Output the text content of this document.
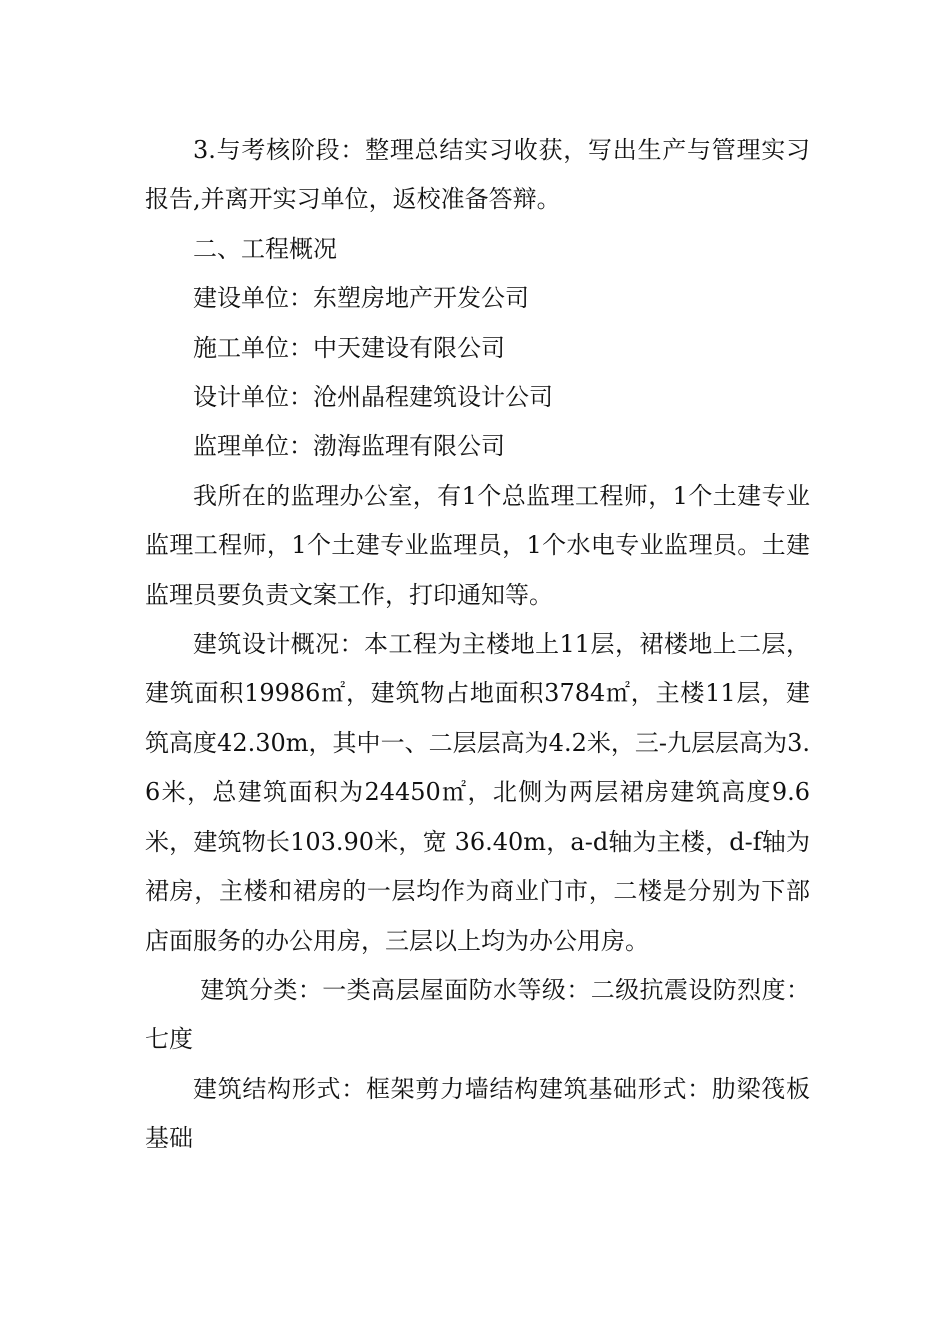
3.与考核阶段：整理总结实习收获，写出生产与管理实习报告,并离开实习单位，返校准备答辩。

二、工程概况

建设单位：东塑房地产开发公司

施工单位：中天建设有限公司

设计单位：沧州晶程建筑设计公司

监理单位：渤海监理有限公司

我所在的监理办公室，有1个总监理工程师，1个土建专业监理工程师，1个土建专业监理员，1个水电专业监理员。土建监理员要负责文案工作，打印通知等。

建筑设计概况：本工程为主楼地上11层，裙楼地上二层，建筑面积19986㎡，建筑物占地面积3784㎡，主楼11层，建筑高度42.30m，其中一、二层层高为4.2米，三-九层层高为3.6米，总建筑面积为24450㎡，北侧为两层裙房建筑高度9.6米，建筑物长103.90米，宽 36.40m，a-d轴为主楼，d-f轴为裙房，主楼和裙房的一层均作为商业门市，二楼是分别为下部店面服务的办公用房，三层以上均为办公用房。

建筑分类：一类高层屋面防水等级：二级抗震设防烈度：七度

建筑结构形式：框架剪力墙结构建筑基础形式：肋梁筏板基础
